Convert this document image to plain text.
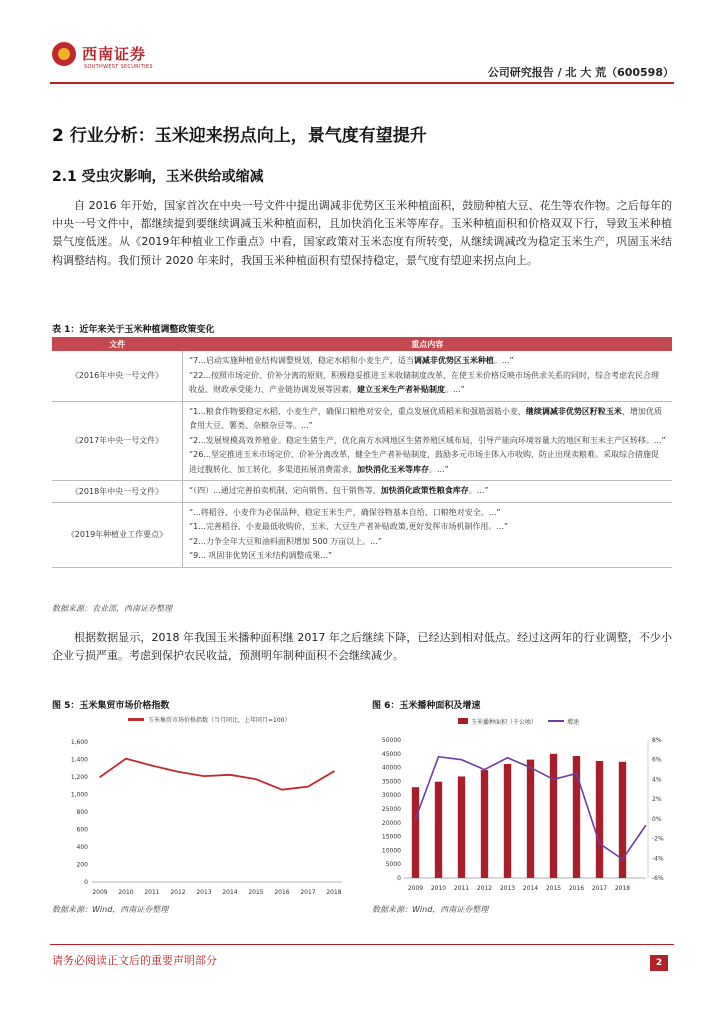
西南证券
SOUTHWEST SECURITIES	公司研究报告 / 北 大 荒（600598）
2 行业分析：玉米迎来拐点向上，景气度有望提升
2.1 受虫灾影响，玉米供给或缩减
自 2016 年开始，国家首次在中央一号文件中提出调减非优势区玉米种植面积，鼓励种植大豆、花生等农作物。之后每年的中央一号文件中，都继续提到要继续调减玉米种植面积，且加快消化玉米等库存。玉米种植面积和价格双双下行，导致玉米种植景气度低迷。从《2019年种植业工作重点》中看，国家政策对玉米态度有所转变，从继续调减改为稳定玉米生产，巩固玉米结构调整结构。我们预计 2020 年来时，我国玉米种植面积有望保持稳定，景气度有望迎来拐点向上。
表 1：近年来关于玉米种植调整政策变化
文件	重点内容
《2016年中央一号文件》	“7...启动实施种植业结构调整规划，稳定水稻和小麦生产，适当调减非优势区玉米种植。...”
“22...按照市场定价、价补分离的原则，积极稳妥推进玉米收储制度改革，在使玉米价格反映市场供求关系的同时，综合考虑农民合理收益、财政承受能力、产业链协调发展等因素，建立玉米生产者补贴制度。...”

《2017年中央一号文件》	“1...粮食作物要稳定水稻、小麦生产，确保口粮绝对安全，重点发展优质稻米和强筋弱筋小麦，继续调减非优势区籽粒玉米，增加优质食用大豆、薯类、杂粮杂豆等。...”
“2...发展规模高效养殖业。稳定生猪生产，优化南方水网地区生猪养殖区域布局，引导产能向环境容量大的地区和玉米主产区转移。...”
“26...坚定推进玉米市场定价、价补分离改革，健全生产者补贴制度，鼓励多元市场主体入市收购，防止出现卖粮难。采取综合措施促进过腹转化、加工转化，多渠道拓展消费需求，加快消化玉米等库存。...”

《2018年中央一号文件》	“（四）...通过完善拍卖机制、定向销售、包干销售等，加快消化政策性粮食库存。...”

《2019年种植业工作要点》	“...将稻谷、小麦作为必保品种，稳定玉米生产，确保谷物基本自给、口粮绝对安全。...”
“1...完善稻谷、小麦最低收购价，玉米、大豆生产者补贴政策,更好发挥市场机制作用。...”
“2...力争全年大豆和油料面积增加 500 万亩以上。...”
“9... 巩固非优势区玉米结构调整成果...”
数据来源：农业部，西南证券整理
根据数据显示，2018 年我国玉米播种面积继 2017 年之后继续下降，已经达到相对低点。经过这两年的行业调整，不少小企业亏损严重。考虑到保护农民收益，预测明年制种面积不会继续减少。
图 5：玉米集贸市场价格指数
玉米集贸市场价格指数（当月同比，上年同月=100）
0
200
400
600
800
1,000
1,200
1,400
1,600
2009 2010 2011 2012 2013 2014 2015 2016 2017 2018
数据来源：Wind，西南证券整理
图 6：玉米播种面积及增速
玉米播种面积（千公顷）	增速
0
5000
10000
15000
20000
25000
30000
35000
40000
45000
50000
-6%
-4%
-2%
0%
2%
4%
6%
8%
2009 2010 2011 2012 2013 2014 2015 2016 2017 2018
数据来源：Wind，西南证券整理
请务必阅读正文后的重要声明部分	2
